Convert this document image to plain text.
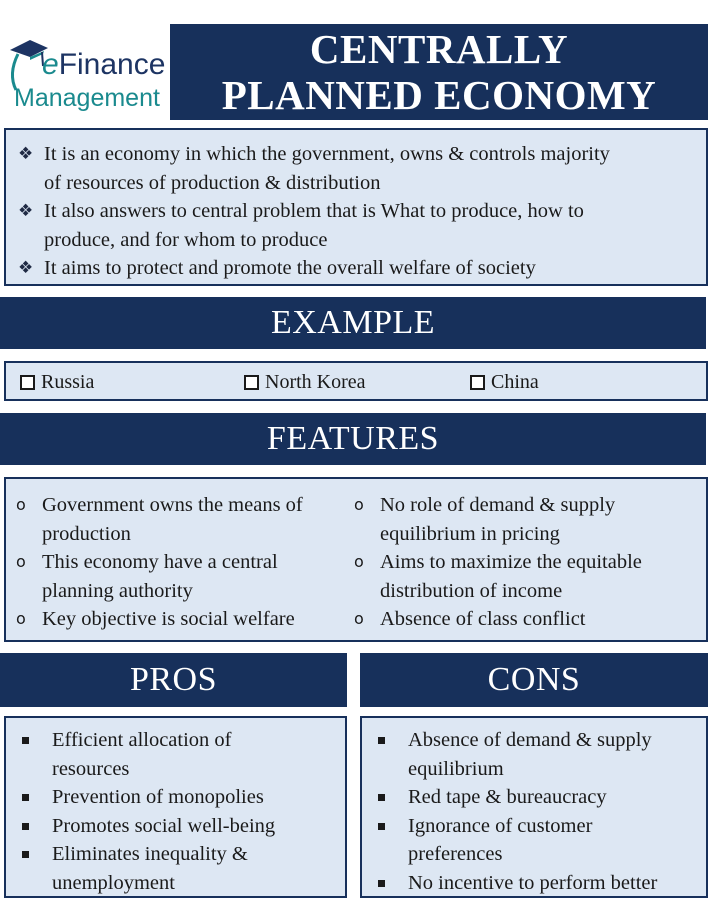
eFinance
Management
CENTRALLY
PLANNED ECONOMY
❖ It is an economy in which the government, owns & controls majority
of resources of production & distribution
❖ It also answers to central problem that is What to produce, how to
produce, and for whom to produce
❖ It aims to protect and promote the overall welfare of society
EXAMPLE
Russia	North Korea	China
FEATURES
o Government owns the means of
production
o This economy have a central
planning authority
o Key objective is social welfare
o No role of demand & supply
equilibrium in pricing
o Aims to maximize the equitable
distribution of income
o Absence of class conflict
PROS	CONS
Efficient allocation of
resources
Prevention of monopolies
Promotes social well-being
Eliminates inequality &
unemployment
Absence of demand & supply
equilibrium
Red tape & bureaucracy
Ignorance of customer
preferences
No incentive to perform better
